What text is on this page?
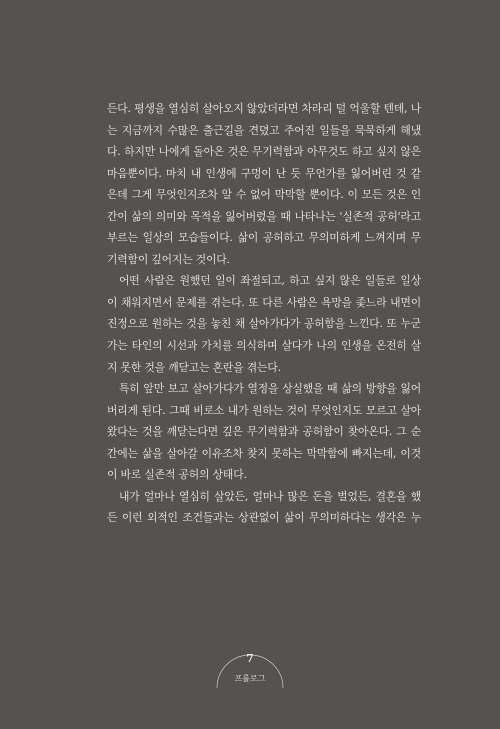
든다. 평생을 열심히 살아오지 않았더라면 차라리 덜 억울할 텐데, 나
는 지금까지 수많은 출근길을 견뎠고 주어진 일들을 묵묵하게 해냈
다. 하지만 나에게 돌아온 것은 무기력함과 아무것도 하고 싶지 않은
마음뿐이다. 마치 내 인생에 구멍이 난 듯 무언가를 잃어버린 것 같
은데 그게 무엇인지조차 알 수 없어 막막할 뿐이다. 이 모든 것은 인
간이 삶의 의미와 목적을 잃어버렸을 때 나타나는 '실존적 공허'라고
부르는 일상의 모습들이다. 삶이 공허하고 무의미하게 느껴지며 무
기력함이 깊어지는 것이다.
어떤 사람은 원했던 일이 좌절되고, 하고 싶지 않은 일들로 일상
이 채워지면서 문제를 겪는다. 또 다른 사람은 욕망을 좇느라 내면이
진정으로 원하는 것을 놓친 채 살아가다가 공허함을 느낀다. 또 누군
가는 타인의 시선과 가치를 의식하며 살다가 나의 인생을 온전히 살
지 못한 것을 깨닫고는 혼란을 겪는다.
특히 앞만 보고 살아가다가 열정을 상실했을 때 삶의 방향을 잃어
버리게 된다. 그때 비로소 내가 원하는 것이 무엇인지도 모르고 살아
왔다는 것을 깨닫는다면 깊은 무기력함과 공허함이 찾아온다. 그 순
간에는 삶을 살아갈 이유조차 찾지 못하는 막막함에 빠지는데, 이것
이 바로 실존적 공허의 상태다.
내가 얼마나 열심히 살았든, 얼마나 많은 돈을 벌었든, 결혼을 했
든 이런 외적인 조건들과는 상관없이 삶이 무의미하다는 생각은 누
7
프롤로그
